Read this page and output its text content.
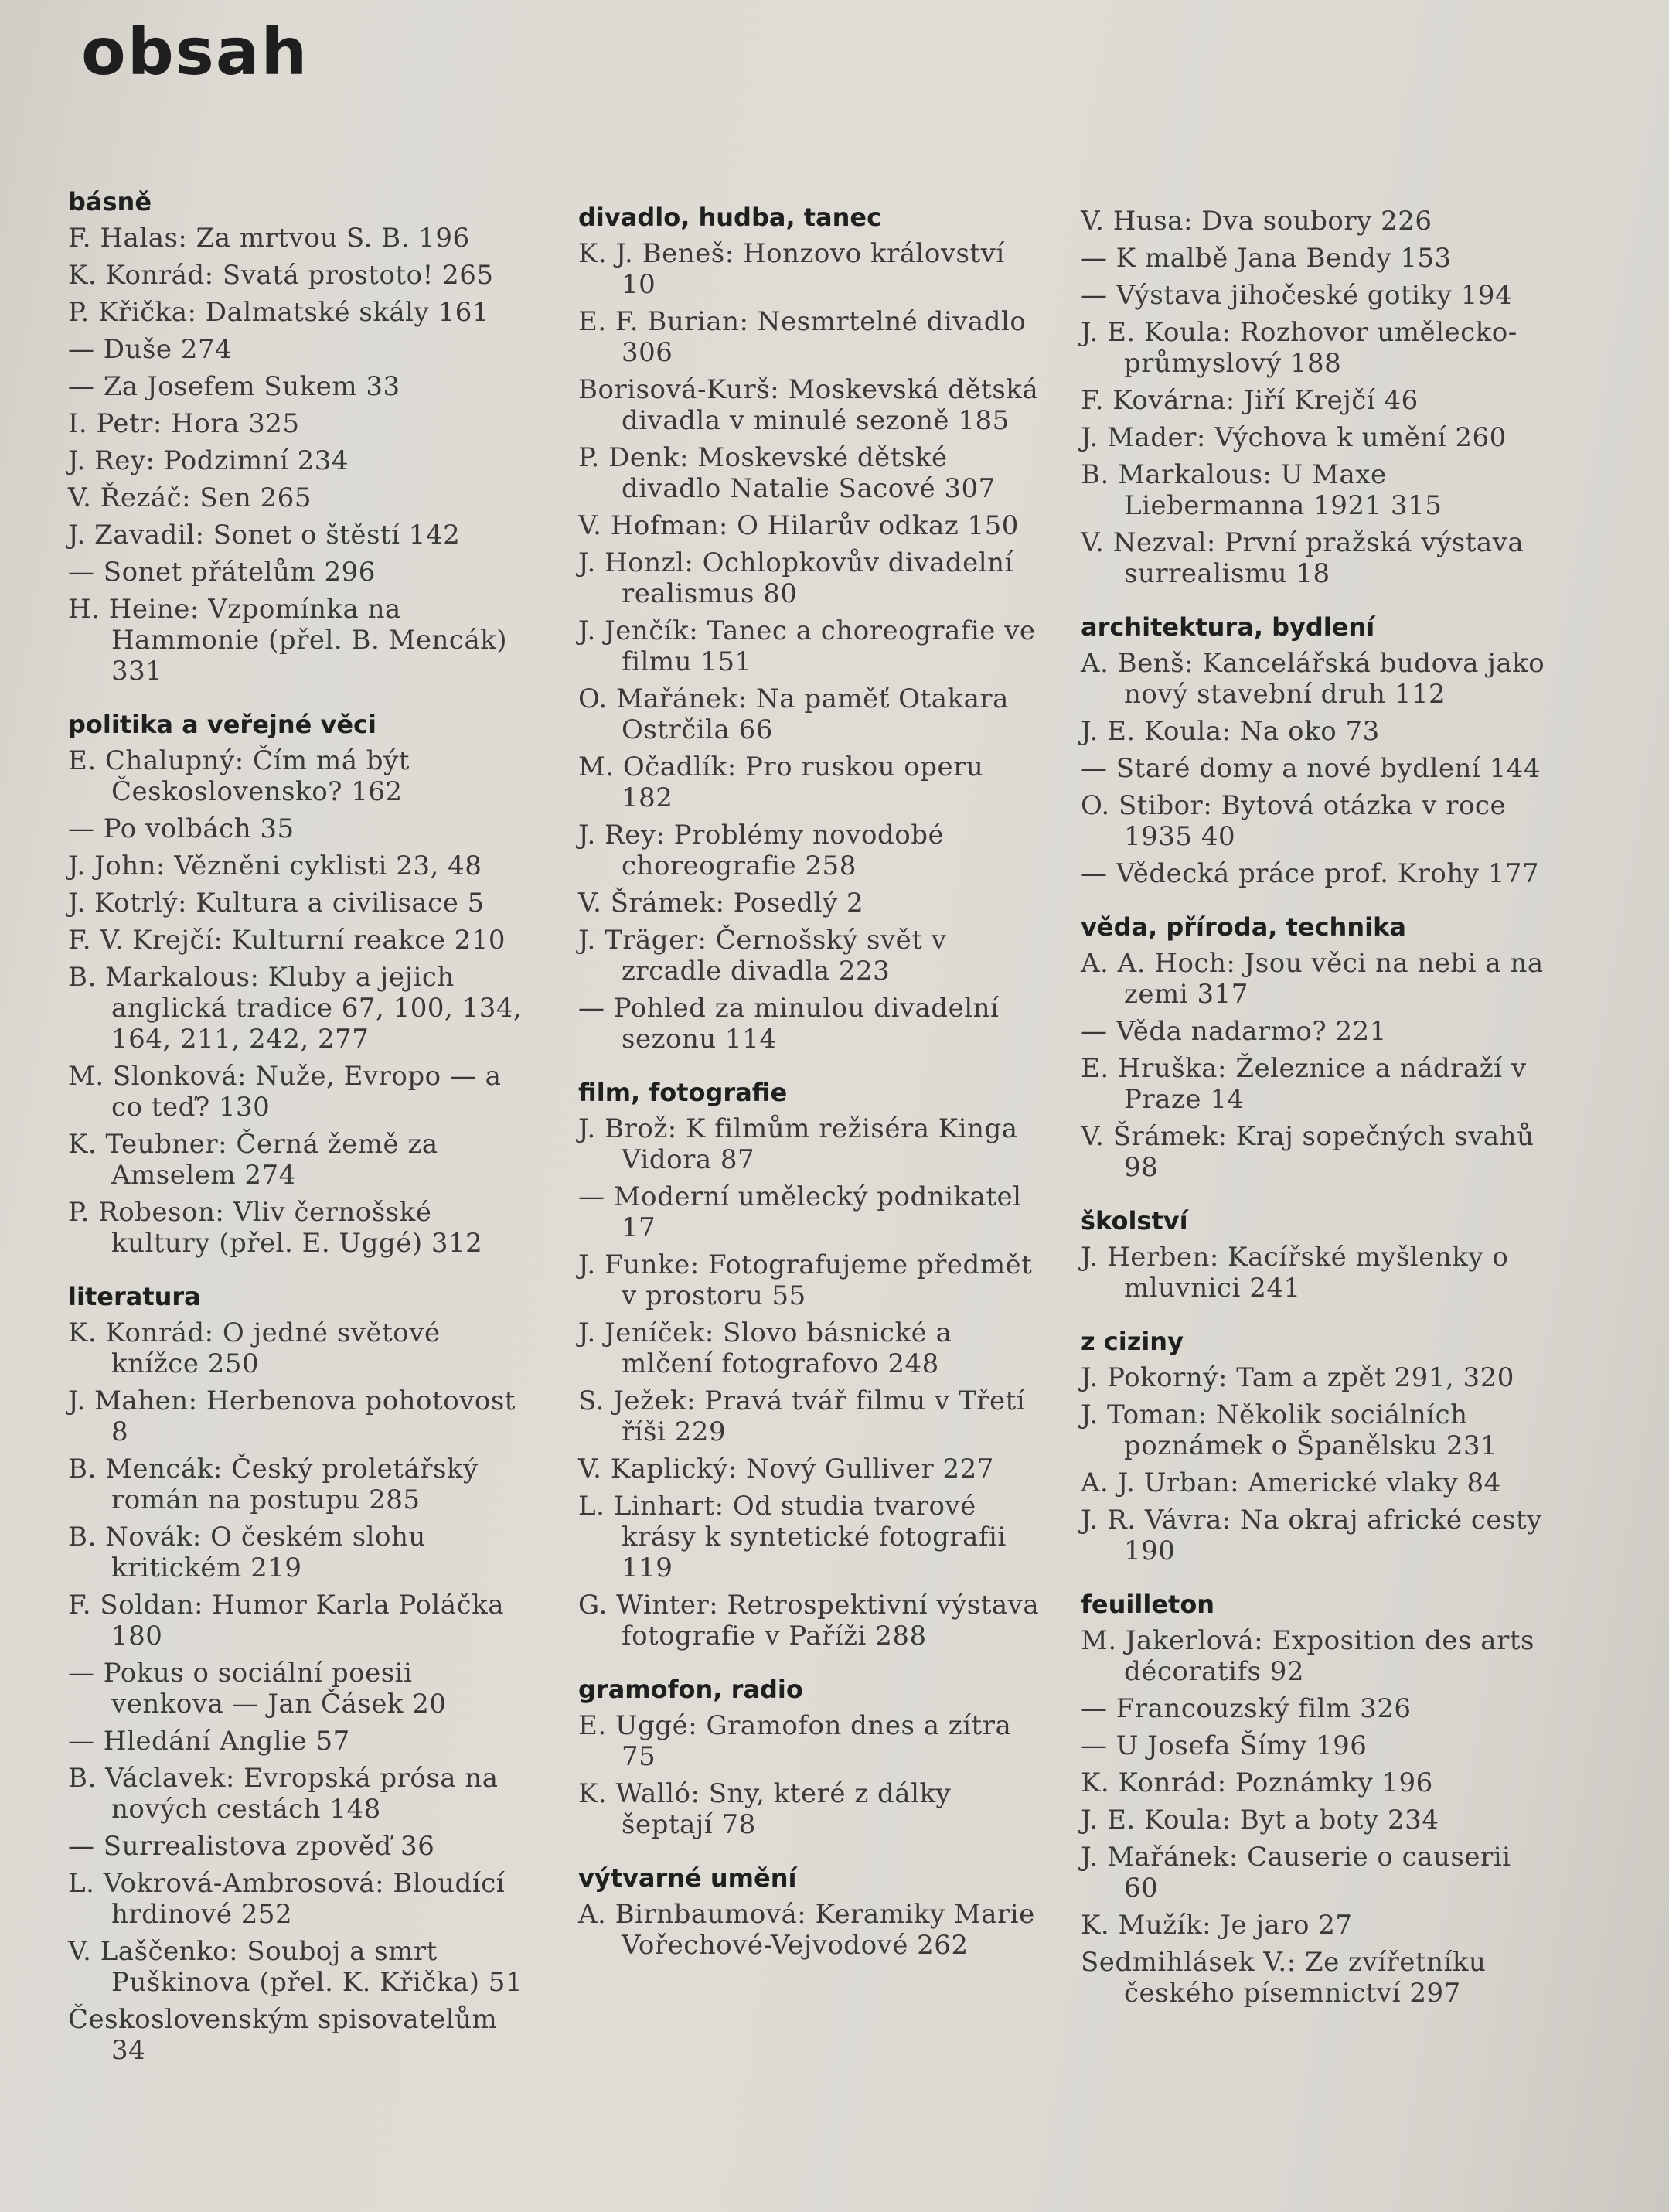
obsah
básně
F. Halas: Za mrtvou S. B. 196
K. Konrád: Svatá prostoto! 265
P. Křička: Dalmatské skály 161
— Duše 274
— Za Josefem Sukem 33
I. Petr: Hora 325
J. Rey: Podzimní 234
V. Řezáč: Sen 265
J. Zavadil: Sonet o štěstí 142
— Sonet přátelům 296
H. Heine: Vzpomínka na Hammonie (přel. B. Mencák) 331
politika a veřejné věci
E. Chalupný: Čím má být Československo? 162
— Po volbách 35
J. John: Vězněni cyklisti 23, 48
J. Kotrlý: Kultura a civilisace 5
F. V. Krejčí: Kulturní reakce 210
B. Markalous: Kluby a jejich anglická tradice 67, 100, 134, 164, 211, 242, 277
M. Slonková: Nuže, Evropo — a co teď? 130
K. Teubner: Černá žemě za Amselem 274
P. Robeson: Vliv černošské kultury (přel. E. Uggé) 312
literatura
K. Konrád: O jedné světové knížce 250
J. Mahen: Herbenova pohotovost 8
B. Mencák: Český proletářský román na postupu 285
B. Novák: O českém slohu kritickém 219
F. Soldan: Humor Karla Poláčka 180
— Pokus o sociální poesii venkova — Jan Čásek 20
— Hledání Anglie 57
B. Václavek: Evropská prósa na nových cestách 148
— Surrealistova zpověď 36
L. Vokrová-Ambrosová: Bloudící hrdinové 252
V. Laščenko: Souboj a smrt Puškinova (přel. K. Křička) 51
Československým spisovatelům 34
divadlo, hudba, tanec
K. J. Beneš: Honzovo království 10
E. F. Burian: Nesmrtelné divadlo 306
Borisová-Kurš: Moskevská dětská divadla v minulé sezoně 185
P. Denk: Moskevské dětské divadlo Natalie Sacové 307
V. Hofman: O Hilarův odkaz 150
J. Honzl: Ochlopkovův divadelní realismus 80
J. Jenčík: Tanec a choreografie ve filmu 151
O. Mařánek: Na paměť Otakara Ostrčila 66
M. Očadlík: Pro ruskou operu 182
J. Rey: Problémy novodobé choreografie 258
V. Šrámek: Posedlý 2
J. Träger: Černošský svět v zrcadle divadla 223
— Pohled za minulou divadelní sezonu 114
film, fotografie
J. Brož: K filmům režiséra Kinga Vidora 87
— Moderní umělecký podnikatel 17
J. Funke: Fotografujeme předmět v prostoru 55
J. Jeníček: Slovo básnické a mlčení fotografovo 248
S. Ježek: Pravá tvář filmu v Třetí říši 229
V. Kaplický: Nový Gulliver 227
L. Linhart: Od studia tvarové krásy k syntetické fotografii 119
G. Winter: Retrospektivní výstava fotografie v Paříži 288
gramofon, radio
E. Uggé: Gramofon dnes a zítra 75
K. Walló: Sny, které z dálky šeptají 78
výtvarné umění
A. Birnbaumová: Keramiky Marie Vořechové-Vejvodové 262
V. Husa: Dva soubory 226
— K malbě Jana Bendy 153
— Výstava jihočeské gotiky 194
J. E. Koula: Rozhovor umělecko-průmyslový 188
F. Kovárna: Jiří Krejčí 46
J. Mader: Výchova k umění 260
B. Markalous: U Maxe Liebermanna 1921 315
V. Nezval: První pražská výstava surrealismu 18
architektura, bydlení
A. Benš: Kancelářská budova jako nový stavební druh 112
J. E. Koula: Na oko 73
— Staré domy a nové bydlení 144
O. Stibor: Bytová otázka v roce 1935 40
— Vědecká práce prof. Krohy 177
věda, příroda, technika
A. A. Hoch: Jsou věci na nebi a na zemi 317
— Věda nadarmo? 221
E. Hruška: Železnice a nádraží v Praze 14
V. Šrámek: Kraj sopečných svahů 98
školství
J. Herben: Kacířské myšlenky o mluvnici 241
z ciziny
J. Pokorný: Tam a zpět 291, 320
J. Toman: Několik sociálních poznámek o Španělsku 231
A. J. Urban: Americké vlaky 84
J. R. Vávra: Na okraj africké cesty 190
feuilleton
M. Jakerlová: Exposition des arts décoratifs 92
— Francouzský film 326
— U Josefa Šímy 196
K. Konrád: Poznámky 196
J. E. Koula: Byt a boty 234
J. Mařánek: Causerie o causerii 60
K. Mužík: Je jaro 27
Sedmihlásek V.: Ze zvířetníku českého písemnictví 297
